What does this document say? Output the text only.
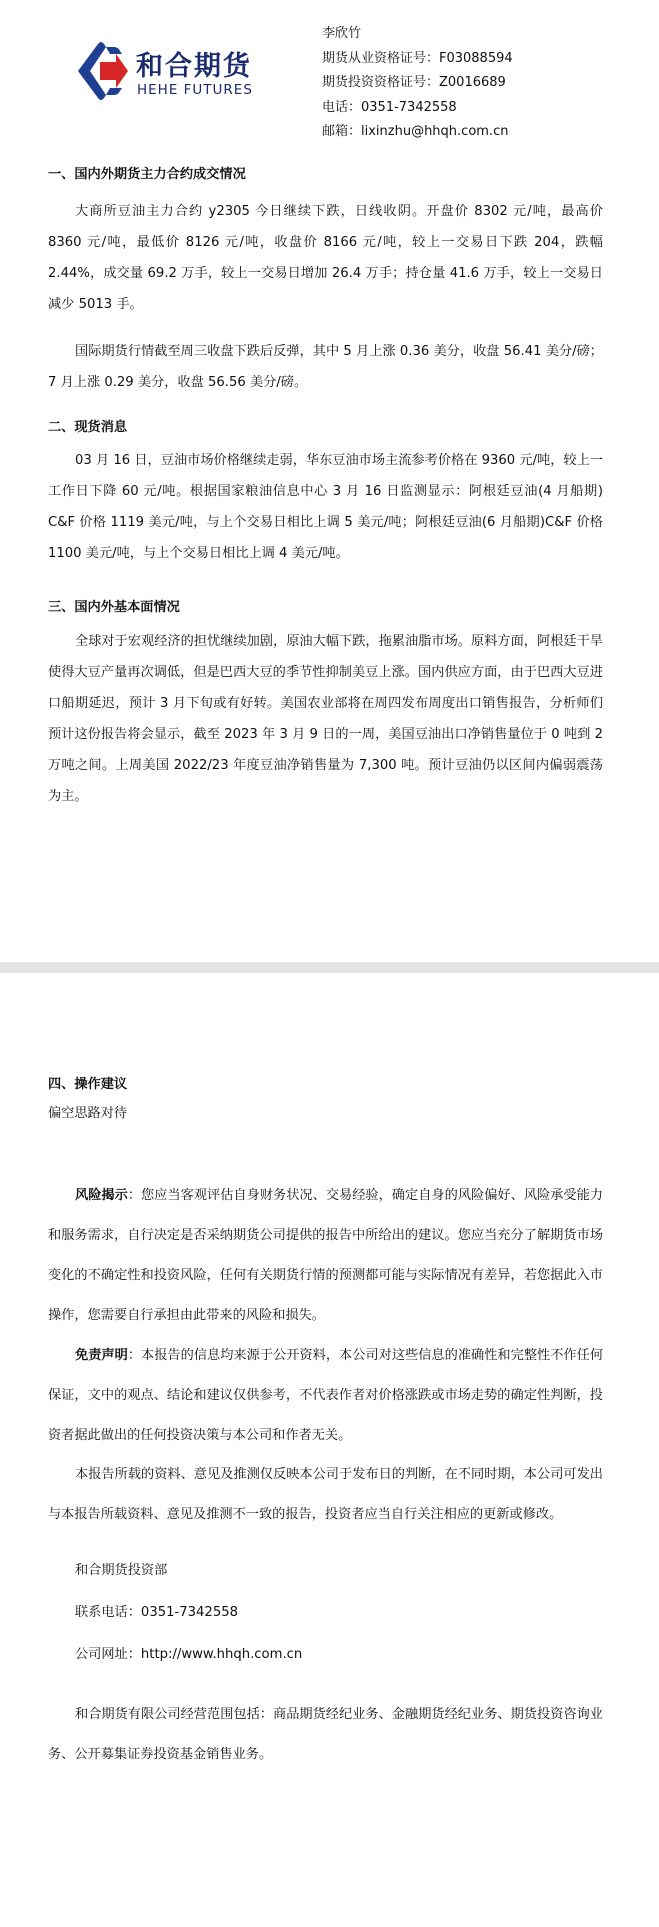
和合期货
HEHE FUTURES
李欣竹
期货从业资格证号：F03088594
期货投资资格证号：Z0016689
电话：0351-7342558
邮箱：lixinzhu@hhqh.com.cn
一、国内外期货主力合约成交情况

大商所豆油主力合约 y2305 今日继续下跌，日线收阴。开盘价 8302 元/吨，最高价 8360 元/吨，最低价 8126 元/吨，收盘价 8166 元/吨，较上一交易日下跌 204，跌幅 2.44%，成交量 69.2 万手，较上一交易日增加 26.4 万手；持仓量 41.6 万手，较上一交易日减少 5013 手。

国际期货行情截至周三收盘下跌后反弹，其中 5 月上涨 0.36 美分，收盘 56.41 美分/磅；7 月上涨 0.29 美分，收盘 56.56 美分/磅。

二、现货消息

03 月 16 日，豆油市场价格继续走弱，华东豆油市场主流参考价格在 9360 元/吨，较上一工作日下降 60 元/吨。根据国家粮油信息中心 3 月 16 日监测显示：阿根廷豆油(4 月船期) C&F 价格 1119 美元/吨，与上个交易日相比上调 5 美元/吨；阿根廷豆油(6 月船期)C&F 价格 1100 美元/吨，与上个交易日相比上调 4 美元/吨。

三、国内外基本面情况

全球对于宏观经济的担忧继续加剧，原油大幅下跌，拖累油脂市场。原料方面，阿根廷干旱使得大豆产量再次调低，但是巴西大豆的季节性抑制美豆上涨。国内供应方面，由于巴西大豆进口船期延迟，预计 3 月下旬或有好转。美国农业部将在周四发布周度出口销售报告，分析师们预计这份报告将会显示，截至 2023 年 3 月 9 日的一周，美国豆油出口净销售量位于 0 吨到 2 万吨之间。上周美国 2022/23 年度豆油净销售量为 7,300 吨。预计豆油仍以区间内偏弱震荡为主。

四、操作建议

偏空思路对待

风险揭示：您应当客观评估自身财务状况、交易经验，确定自身的风险偏好、风险承受能力和服务需求，自行决定是否采纳期货公司提供的报告中所给出的建议。您应当充分了解期货市场变化的不确定性和投资风险，任何有关期货行情的预测都可能与实际情况有差异，若您据此入市操作，您需要自行承担由此带来的风险和损失。

免责声明：本报告的信息均来源于公开资料，本公司对这些信息的准确性和完整性不作任何保证，文中的观点、结论和建议仅供参考，不代表作者对价格涨跌或市场走势的确定性判断，投资者据此做出的任何投资决策与本公司和作者无关。

本报告所载的资料、意见及推测仅反映本公司于发布日的判断，在不同时期，本公司可发出与本报告所载资料、意见及推测不一致的报告，投资者应当自行关注相应的更新或修改。

和合期货投资部

联系电话：0351-7342558

公司网址：http://www.hhqh.com.cn

和合期货有限公司经营范围包括：商品期货经纪业务、金融期货经纪业务、期货投资咨询业务、公开募集证券投资基金销售业务。
